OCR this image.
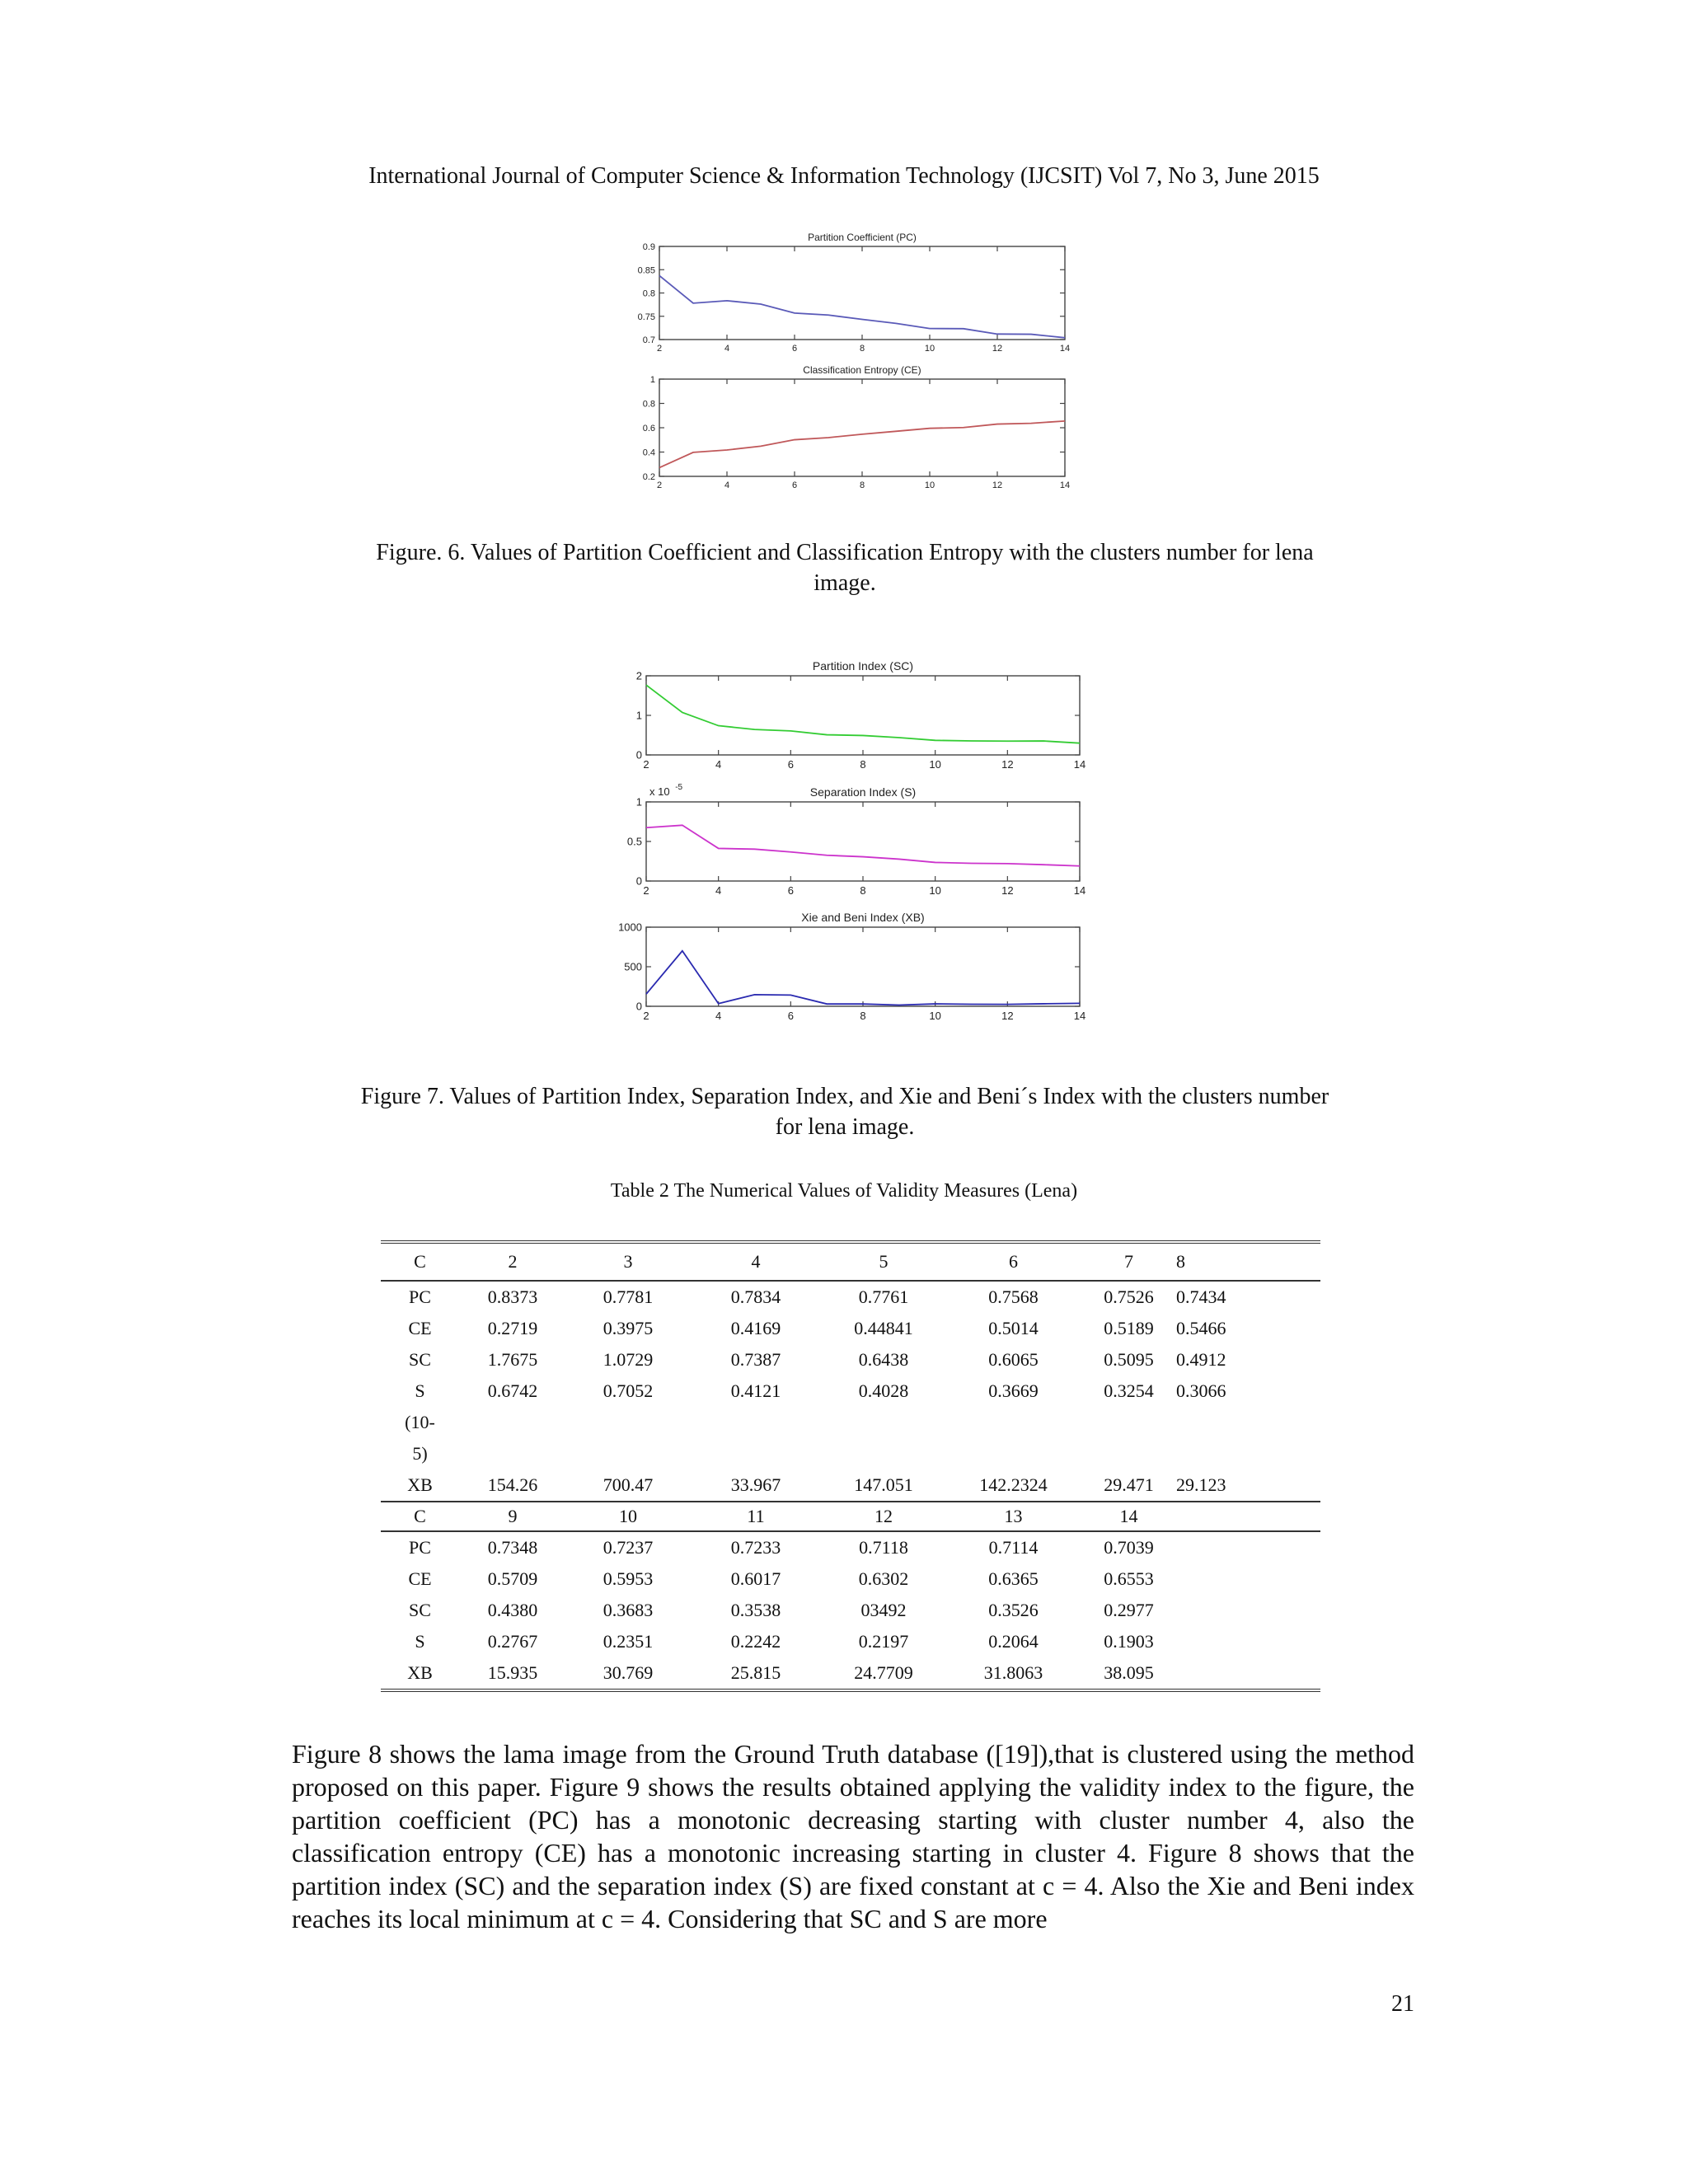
International Journal of Computer Science & Information Technology (IJCSIT) Vol 7, No 3, June 2015
Partition Coefficient (PC)
2	4	6	8	10	12	14
0.7
0.75
0.8
0.85
0.9
Classification Entropy (CE)
2	4	6	8	10	12	14
0.2
0.4
0.6
0.8
1
Figure. 6. Values of Partition Coefficient and Classification Entropy with the clusters number for lena
image.
Partition Index (SC)
2	4	6	8	10	12	14
0
1
2
Separation Index (S)
2	4	6	8	10	12	14
0
0.5
1
x 10 -5
Xie and Beni Index (XB)
2	4	6	8	10	12	14
0
500
1000
Figure 7. Values of Partition Index, Separation Index, and Xie and Beni´s Index with the clusters number
for lena image.
Table 2 The Numerical Values of Validity Measures (Lena)
C	2	3	4	5	6	7	8
PC	0.8373	0.7781	0.7834	0.7761	0.7568	0.7526	0.7434
CE	0.2719	0.3975	0.4169	0.44841	0.5014	0.5189	0.5466
SC	1.7675	1.0729	0.7387	0.6438	0.6065	0.5095	0.4912
S	0.6742	0.7052	0.4121	0.4028	0.3669	0.3254	0.3066
(10-							
5)							
XB	154.26	700.47	33.967	147.051	142.2324	29.471	29.123
C	9	10	11	12	13	14	
PC	0.7348	0.7237	0.7233	0.7118	0.7114	0.7039	
CE	0.5709	0.5953	0.6017	0.6302	0.6365	0.6553	
SC	0.4380	0.3683	0.3538	03492	0.3526	0.2977	
S	0.2767	0.2351	0.2242	0.2197	0.2064	0.1903	
XB	15.935	30.769	25.815	24.7709	31.8063	38.095	
Figure 8 shows the lama image from the Ground Truth database ([19]),that is clustered using the method proposed on this paper. Figure 9 shows the results obtained applying the validity index to the figure, the partition coefficient (PC) has a monotonic decreasing starting with cluster number 4, also the classification entropy (CE) has a monotonic increasing starting in cluster 4. Figure 8 shows that the partition index (SC) and the separation index (S) are fixed constant at c = 4. Also the Xie and Beni index reaches its local minimum at c = 4. Considering that SC and S are more
21
